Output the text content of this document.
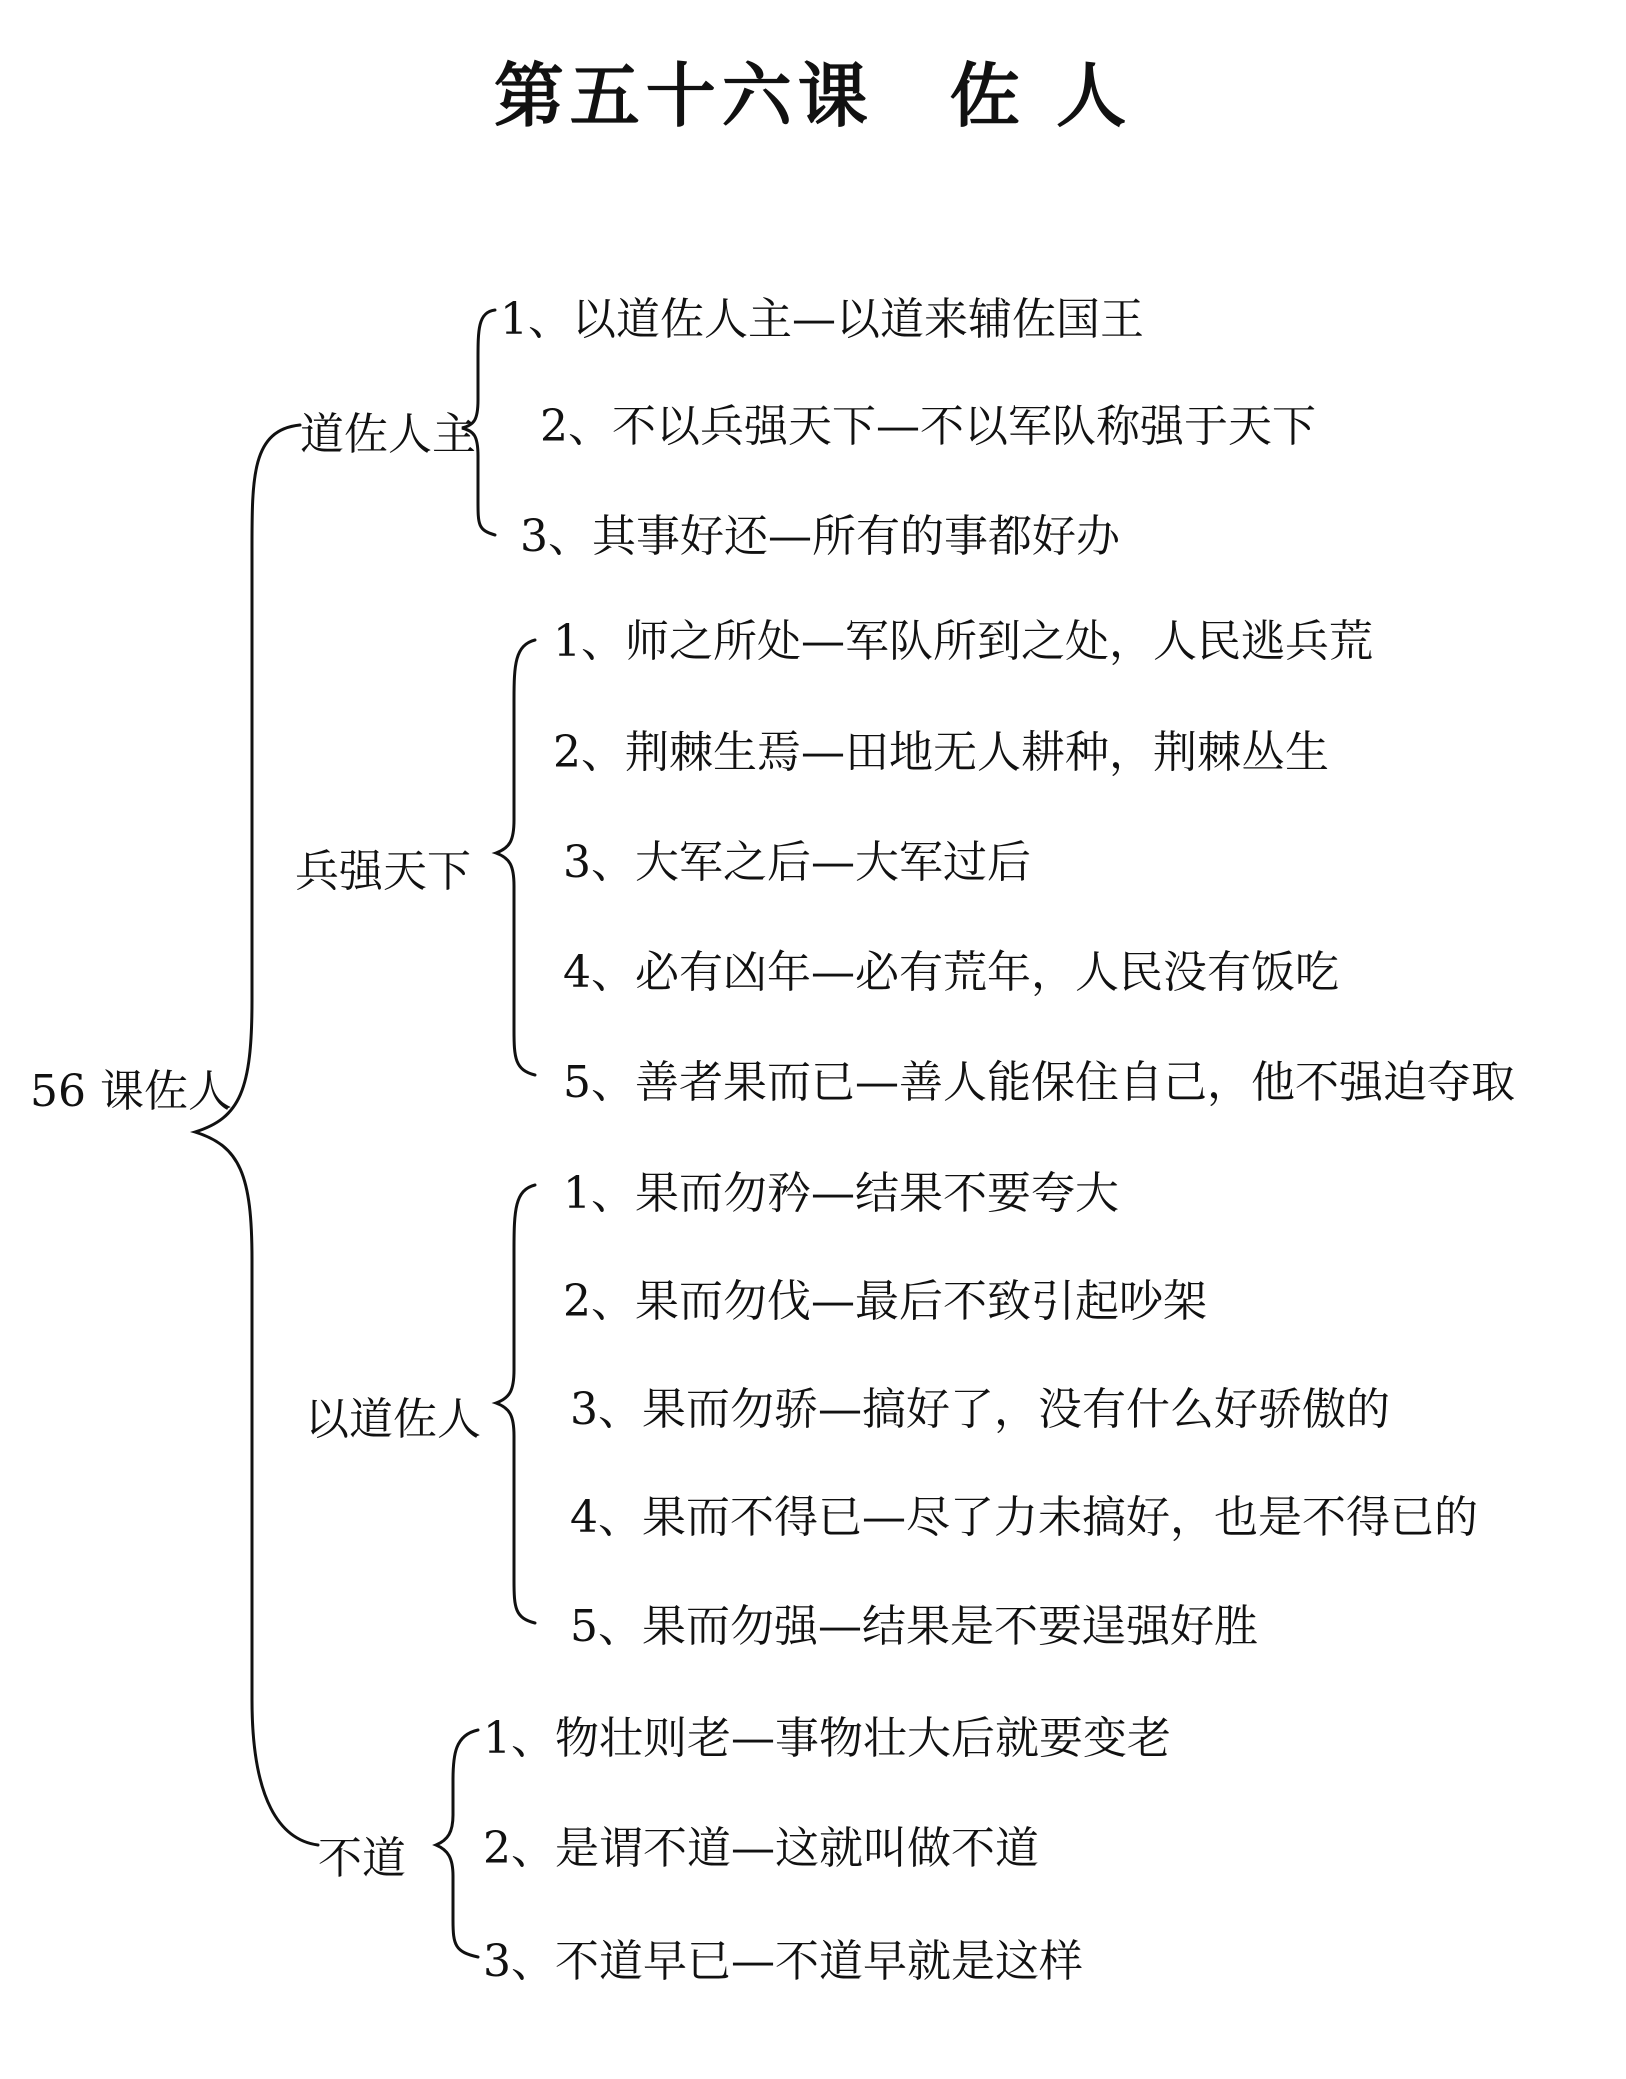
第五十六课　佐 人
56 课佐人
道佐人主
1、以道佐人主—以道来辅佐国王
2、不以兵强天下—不以军队称强于天下
3、其事好还—所有的事都好办
兵强天下
1、师之所处—军队所到之处，人民逃兵荒
2、荆棘生焉—田地无人耕种，荆棘丛生
3、大军之后—大军过后
4、必有凶年—必有荒年，人民没有饭吃
5、善者果而已—善人能保住自己，他不强迫夺取
以道佐人
1、果而勿矜—结果不要夸大
2、果而勿伐—最后不致引起吵架
3、果而勿骄—搞好了，没有什么好骄傲的
4、果而不得已—尽了力未搞好，也是不得已的
5、果而勿强—结果是不要逞强好胜
不道
1、物壮则老—事物壮大后就要变老
2、是谓不道—这就叫做不道
3、不道早已—不道早就是这样
